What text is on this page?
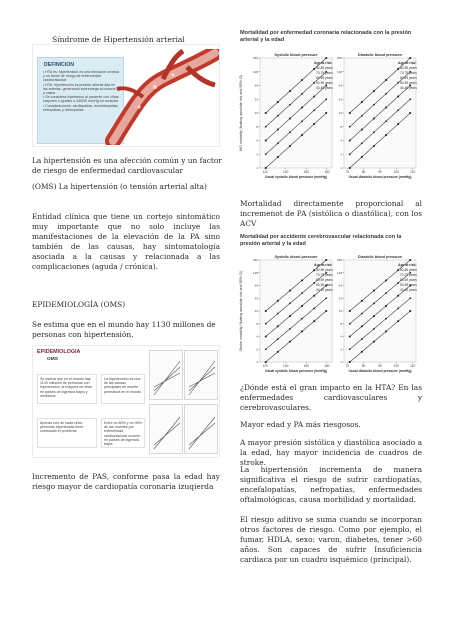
Síndrome de Hipertensión arterial
DEFINICION
• HTA es: hipertensión es una elevación crónica y un factor de riesgo de enfermedad cardiovascular
• HTA: hipertensión es presión arterial alta en las arterias, generando sobrecarga al corazón y vasos
• Se considera hipertenso al paciente con cifras mayores o iguales a 140/90 mmHg en consulta
• Complicaciones: cardiopatías, encefalopatías, nefropatías y retinopatías
La hipertensión es una afección común y un factor de riesgo de enfermedad cardiovascular
(OMS) La hipertensión (o tensión arterial alta)
Entidad clínica que tiene un cortejo sintomático muy importante que no solo incluye las manifestaciones de la elevación de la PA sino también de las causas, hay sintomatología asociada a la causas y relacionada a las complicaciones (aguda / crónica).
EPIDEMIOLOGÍA (OMS)
Se estima que en el mundo hay 1130 millones de personas con hipertensión,
EPIDEMIOLOGIA
OMS
Se estima que en el mundo hay 1130 millones de personas con hipertensión, la mayoría de ellas en países de ingresos bajos y medianos
La hipertensión es una de las causas principales de muerte prematura en el mundo
Apenas uno de cada cinco personas hipertensas tiene controlado el problema
Entre un 80% y un 90% de las muertes por enfermedad cardiovascular ocurren en países de ingresos bajos
Incremento de PAS, conforme pasa la edad hay riesgo mayor de cardiopatía coronaria izuqierda
Mortalidad por enfermedad coronaria relacionada con la presión arterial y la edad
IHD mortality (floating absolute risk and 95% CI)
Systolic blood pressure
1
2
4
8
16
32
64
128
256
120	140	160	180
Usual systolic blood pressure (mmHg)
Age at risk:
80-89 years
70-79 years
60-69 years
50-59 years
40-49 years
Diastolic blood pressure
1
2
4
8
16
32
64
128
256
70	80	90	100	110
Usual diastolic blood pressure (mmHg)
Age at risk:
80-89 years
70-79 years
60-69 years
50-59 years
40-49 years
Mortalidad directamente proporcional al incremenot de PA (sistólica o diastólica), con los ACV
Mortalidad por accidente cerebrovascular relacionada con la presión arterial y la edad
Stroke mortality (floating absolute risk and 95% CI)
Systolic blood pressure
1
2
4
8
16
32
64
128
256
120	140	160	180
Usual systolic blood pressure (mmHg)
Age at risk:
80-89 years
70-79 years
60-69 years
50-59 years
40-49 years
Diastolic blood pressure
1
2
4
8
16
32
64
128
256
70	80	90	100	110
Usual diastolic blood pressure (mmHg)
Age at risk:
80-89 years
70-79 years
60-69 years
50-59 years
40-49 years
¿Dónde está el gran impacto en la HTA? En las enfermedades cardiovasculares y cerebrovasculares.
Mayor edad y PA más riesgosos.
A mayor presión sistólica y diastólica asociado a la edad, hay mayor incidencia de cuadros de stroke.
La hipertensión incrementa de manera significativa el riesgo de sufrir cardiopatías, encefalopatías, nefropatías, enfermedades oftalmológicas, causa morbilidad y mortalidad.
El riesgo aditivo se suma cuando se incorporan otros factores de riesgo. Como por ejemplo, el fumar, HDLA, sexo: varon, diabetes, tener >60 años. Son capaces de sufrir Insuficiencia cardiaca por un cuadro isquémico (principal).
